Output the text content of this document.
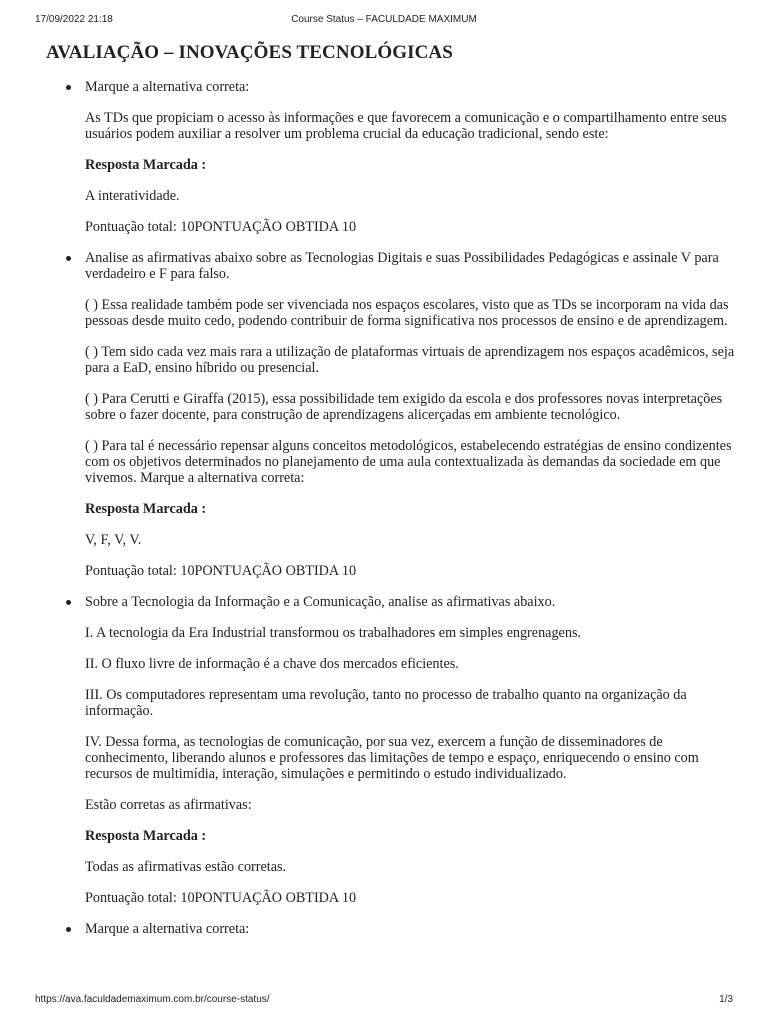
17/09/2022 21:18	Course Status – FACULDADE MAXIMUM
AVALIAÇÃO – INOVAÇÕES TECNOLÓGICAS

Marque a alternativa correta:

As TDs que propiciam o acesso às informações e que favorecem a comunicação e o compartilhamento entre seus usuários podem auxiliar a resolver um problema crucial da educação tradicional, sendo este:

Resposta Marcada :

A interatividade.

Pontuação total: 10PONTUAÇÃO OBTIDA 10

Analise as afirmativas abaixo sobre as Tecnologias Digitais e suas Possibilidades Pedagógicas e assinale V para verdadeiro e F para falso.

( ) Essa realidade também pode ser vivenciada nos espaços escolares, visto que as TDs se incorporam na vida das pessoas desde muito cedo, podendo contribuir de forma significativa nos processos de ensino e de aprendizagem.

( ) Tem sido cada vez mais rara a utilização de plataformas virtuais de aprendizagem nos espaços acadêmicos, seja para a EaD, ensino híbrido ou presencial.

( ) Para Cerutti e Giraffa (2015), essa possibilidade tem exigido da escola e dos professores novas interpretações sobre o fazer docente, para construção de aprendizagens alicerçadas em ambiente tecnológico.

( ) Para tal é necessário repensar alguns conceitos metodológicos, estabelecendo estratégias de ensino condizentes com os objetivos determinados no planejamento de uma aula contextualizada às demandas da sociedade em que vivemos. Marque a alternativa correta:

Resposta Marcada :

V, F, V, V.

Pontuação total: 10PONTUAÇÃO OBTIDA 10

Sobre a Tecnologia da Informação e a Comunicação, analise as afirmativas abaixo.

I. A tecnologia da Era Industrial transformou os trabalhadores em simples engrenagens.

II. O fluxo livre de informação é a chave dos mercados eficientes.

III. Os computadores representam uma revolução, tanto no processo de trabalho quanto na organização da informação.

IV. Dessa forma, as tecnologias de comunicação, por sua vez, exercem a função de disseminadores de conhecimento, liberando alunos e professores das limitações de tempo e espaço, enriquecendo o ensino com recursos de multimídia, interação, simulações e permitindo o estudo individualizado.

Estão corretas as afirmativas:

Resposta Marcada :

Todas as afirmativas estão corretas.

Pontuação total: 10PONTUAÇÃO OBTIDA 10

Marque a alternativa correta:

https://ava.faculdademaximum.com.br/course-status/	1/3
